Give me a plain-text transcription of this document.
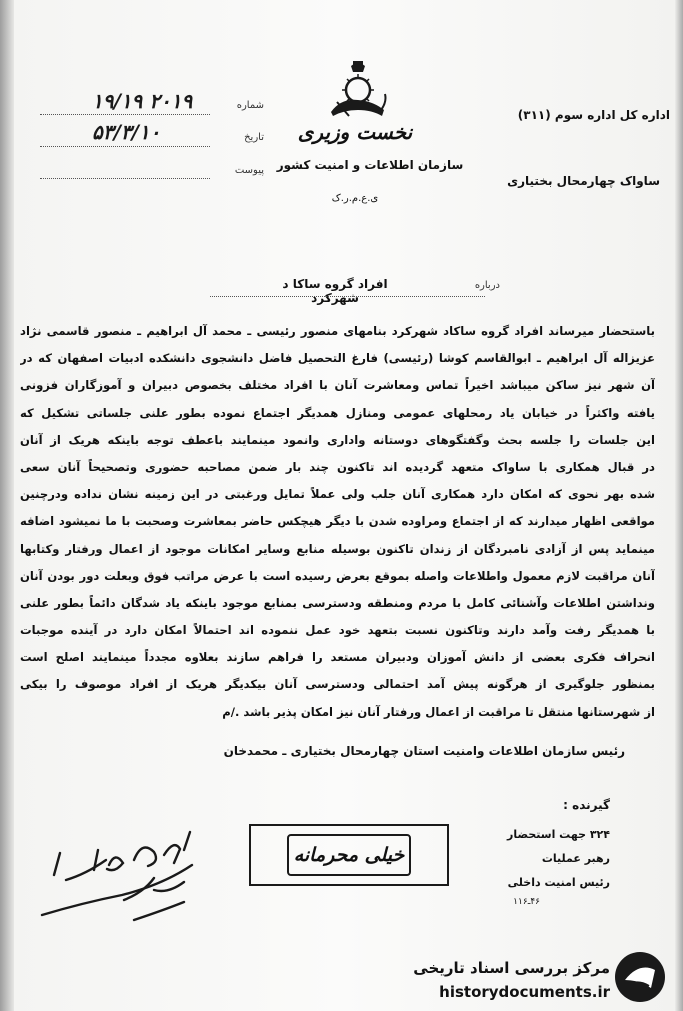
نخست وزیری
سازمان اطلاعات و امنیت کشور
ی.ع.م.ر.ک
اداره کل اداره سوم (۳۱۱)
ساواک چهارمحال بختیاری
شماره
۱۹/۱۹ ۲۰۱۹
تاریخ
۵۳/۳/۱۰
پیوست
درباره
افراد گروه ساکا د شهرکرد

باستحضار میرساند افراد گروه ساکاد شهرکرد بنامهای منصور رئیسی ـ محمد آل ابراهیم ـ منصور قاسمی نژاد

عزیزاله آل ابراهیم ـ ابوالقاسم کوشا (رئیسی) فارغ التحصیل فاضل دانشجوی دانشکده ادبیات اصفهان که در

آن شهر نیز ساکن میباشد اخیراً تماس ومعاشرت آنان با افراد مختلف بخصوص دبیران و آموزگاران فزونی

یافته واکثراً در خیابان یاد رمحلهای عمومی ومنازل همدیگر اجتماع نموده بطور علنی جلساتی تشکیل که

این جلسات را جلسه بحث وگفتگوهای دوستانه واداری وانمود مینمایند باعطف توجه باینکه هریک از آنان

در قبال همکاری با ساواک متعهد گردیده اند تاکنون چند بار ضمن مصاحبه حضوری وتصحیحاً آنان سعی

شده بهر نحوی که امکان دارد همکاری آنان جلب ولی عملاً تمایل ورغبتی در این زمینه نشان نداده ودرچنین

مواقعی اظهار میدارند که از اجتماع ومراوده شدن با دیگر هیچکس حاضر بمعاشرت وصحبت با ما نمیشود اضافه

مینماید پس از آزادی نامبردگان از زندان تاکنون بوسیله منابع وسایر امکانات موجود از اعمال ورفتار وکتابها

آنان مراقبت لازم معمول واطلاعات واصله بموقع بعرض رسیده است با عرض مراتب فوق وبعلت دور بودن آنان

ونداشتن اطلاعات وآشنائی کامل با مردم ومنطقه ودسترسی بمنابع موجود باینکه یاد شدگان دائماً بطور علنی

با همدیگر رفت وآمد دارند وتاکنون نسبت بتعهد خود عمل ننموده اند احتمالاً امکان دارد در آینده موجبات

انحراف فکری بعضی از دانش آموزان ودبیران مستعد را فراهم سازند بعلاوه مجدداً مینمایند اصلح است

بمنظور جلوگیری از هرگونه پیش آمد احتمالی ودسترسی آنان بیکدیگر هریک از افراد موصوف را بیکی

از شهرستانها منتقل تا مراقبت از اعمال ورفتار آنان نیز امکان پذیر باشد ./م

رئیس سازمان اطلاعات وامنیت استان چهارمحال بختیاری ـ محمدخان
گیرنده :
۳۲۴ جهت استحضار
رهبر عملیات
رئیس امنیت داخلی
۴۶ـ۱۱۶
خیلی محرمانه
مرکز بررسی اسناد تاریخی
historydocuments.ir
